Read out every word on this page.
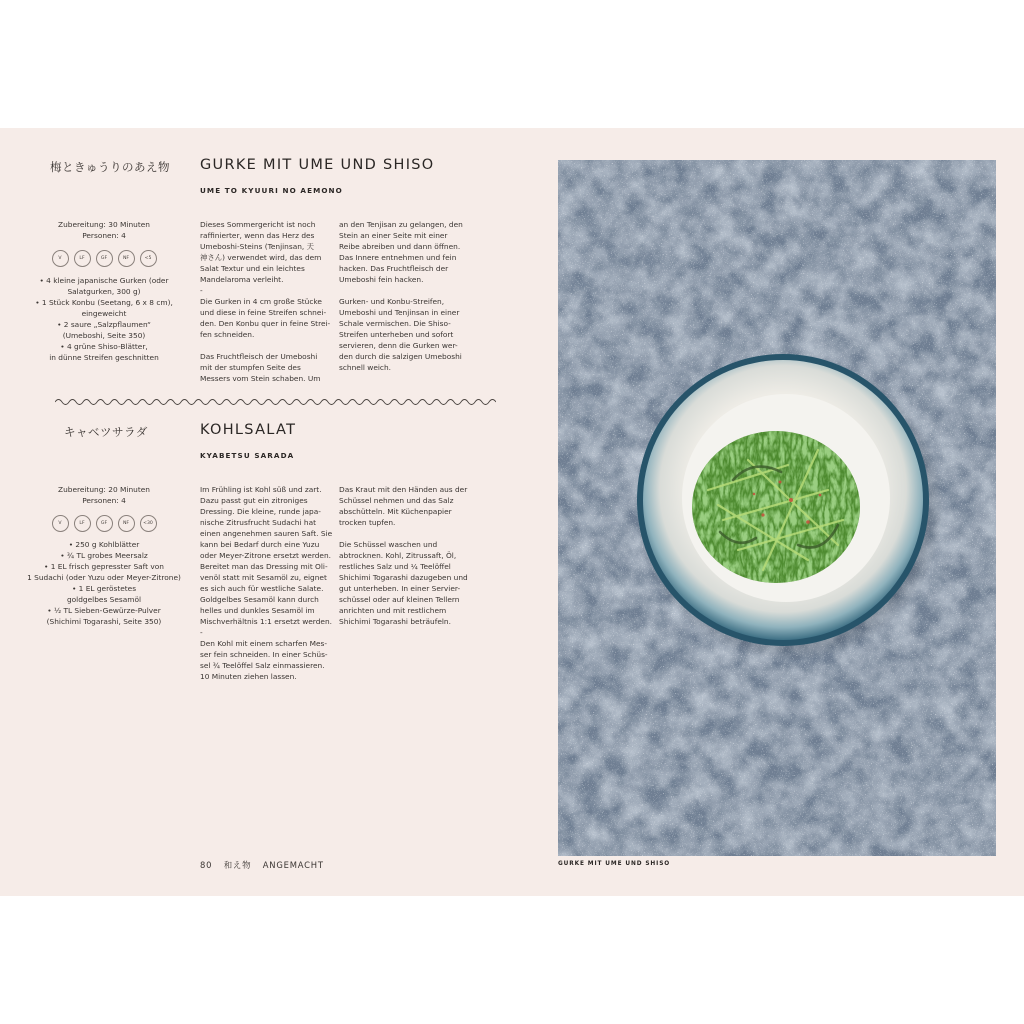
梅ときゅうりのあえ物 GURKE MIT UME UND SHISO
UME TO KYUURI NO AEMONO
Zubereitung: 30 Minuten
Personen: 4
V	LF	GF	NF	<5
• 4 kleine japanische Gurken (oder
Salatgurken, 300 g)
• 1 Stück Konbu (Seetang, 6 x 8 cm),
eingeweicht
• 2 saure „Salzpflaumen“
(Umeboshi, Seite 350)
• 4 grüne Shiso-Blätter,
in dünne Streifen geschnitten

Dieses Sommergericht ist noch

raffinierter, wenn das Herz des

Umeboshi-Steins (Tenjinsan, 天

神さん) verwendet wird, das dem

Salat Textur und ein leichtes

Mandelaroma verleiht.

-

Die Gurken in 4 cm große Stücke

und diese in feine Streifen schnei-

den. Den Konbu quer in feine Strei-

fen schneiden.

Das Fruchtfleisch der Umeboshi

mit der stumpfen Seite des

Messers vom Stein schaben. Um

an den Tenjisan zu gelangen, den

Stein an einer Seite mit einer

Reibe abreiben und dann öffnen.

Das Innere entnehmen und fein

hacken. Das Fruchtfleisch der

Umeboshi fein hacken.

Gurken- und Konbu-Streifen,

Umeboshi und Tenjinsan in einer

Schale vermischen. Die Shiso-

Streifen unterheben und sofort

servieren, denn die Gurken wer-

den durch die salzigen Umeboshi

schnell weich.

キャベツサラダ	KOHLSALAT
KYABETSU SARADA
Zubereitung: 20 Minuten
Personen: 4
V	LF	GF	NF	<30
• 250 g Kohlblätter
• ¾ TL grobes Meersalz
• 1 EL frisch gepresster Saft von
1 Sudachi (oder Yuzu oder Meyer-Zitrone)
• 1 EL geröstetes
goldgelbes Sesamöl
• ½ TL Sieben-Gewürze-Pulver
(Shichimi Togarashi, Seite 350)

Im Frühling ist Kohl süß und zart.

Dazu passt gut ein zitroniges

Dressing. Die kleine, runde japa-

nische Zitrusfrucht Sudachi hat

einen angenehmen sauren Saft. Sie

kann bei Bedarf durch eine Yuzu

oder Meyer-Zitrone ersetzt werden.

Bereitet man das Dressing mit Oli-

venöl statt mit Sesamöl zu, eignet

es sich auch für westliche Salate.

Goldgelbes Sesamöl kann durch

helles und dunkles Sesamöl im

Mischverhältnis 1:1 ersetzt werden.

-

Den Kohl mit einem scharfen Mes-

ser fein schneiden. In einer Schüs-

sel ¾ Teelöffel Salz einmassieren.

10 Minuten ziehen lassen.

Das Kraut mit den Händen aus der

Schüssel nehmen und das Salz

abschütteln. Mit Küchenpapier

trocken tupfen.

Die Schüssel waschen und

abtrocknen. Kohl, Zitrussaft, Öl,

restliches Salz und ¼ Teelöffel

Shichimi Togarashi dazugeben und

gut unterheben. In einer Servier-

schüssel oder auf kleinen Tellern

anrichten und mit restlichem

Shichimi Togarashi beträufeln.

80 和え物 ANGEMACHT	GURKE MIT UME UND SHISO
